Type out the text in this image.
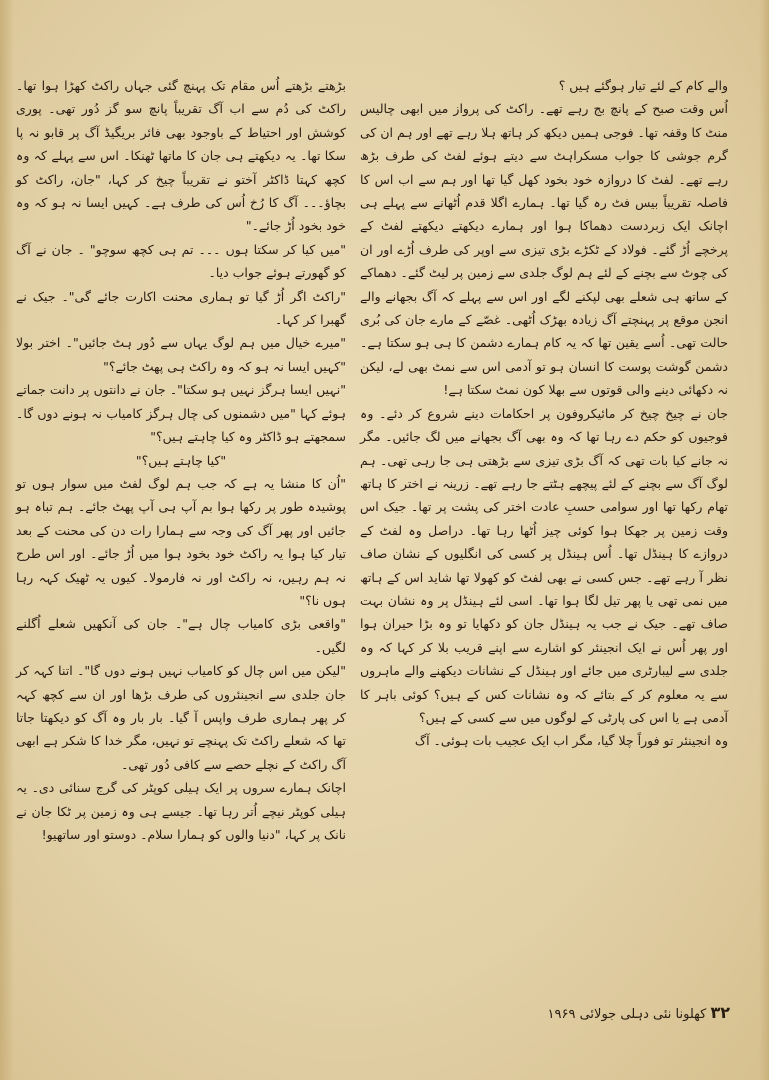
والے کام کے لئے تیار ہوگئے ہیں ؟

اُس وقت صبح کے پانچ بج رہے تھے۔ راکٹ کی پرواز میں ابھی چالیس منٹ کا وقفہ تھا۔ فوجی ہمیں دیکھ کر ہاتھ ہلا رہے تھے اور ہم ان کی گرم جوشی کا جواب مسکراہٹ سے دیتے ہوئے لفٹ کی طرف بڑھ رہے تھے۔ لفٹ کا دروازہ خود بخود کھل گیا تھا اور ہم سے اب اس کا فاصلہ تقریباً بیس فٹ رہ گیا تھا۔ ہمارے اگلا قدم اُٹھانے سے پہلے ہی اچانک ایک زبردست دھماکا ہوا اور ہمارے دیکھتے دیکھتے لفٹ کے پرخچے اُڑ گئے۔ فولاد کے ٹکڑے بڑی تیزی سے اوپر کی طرف اُڑے اور ان کی چوٹ سے بچنے کے لئے ہم لوگ جلدی سے زمین پر لیٹ گئے۔ دھماکے کے ساتھ ہی شعلے بھی لپکنے لگے اور اس سے پہلے کہ آگ بجھانے والے انجن موقع پر پہنچتے آگ زیادہ بھڑک اُٹھی۔ غصّے کے مارے جان کی بُری حالت تھی۔ اُسے یقین تھا کہ یہ کام ہمارے دشمن کا ہی ہو سکتا ہے۔ دشمن گوشت پوست کا انسان ہو تو آدمی اس سے نمٹ بھی لے، لیکن نہ دکھائی دینے والی قوتوں سے بھلا کون نمٹ سکتا ہے!

جان نے چیخ چیخ کر مائیکروفون پر احکامات دینے شروع کر دئے۔ وہ فوجیوں کو حکم دے رہا تھا کہ وہ بھی آگ بجھانے میں لگ جائیں۔ مگر نہ جانے کیا بات تھی کہ آگ بڑی تیزی سے بڑھتی ہی جا رہی تھی۔ ہم لوگ آگ سے بچنے کے لئے پیچھے ہٹتے جا رہے تھے۔ زرینہ نے اختر کا ہاتھ تھام رکھا تھا اور سوامی حسبِ عادت اختر کی پشت پر تھا۔ جیک اس وقت زمین پر جھکا ہوا کوئی چیز اُٹھا رہا تھا۔ دراصل وہ لفٹ کے دروازے کا ہینڈل تھا۔ اُس ہینڈل پر کسی کی انگلیوں کے نشان صاف نظر آ رہے تھے۔ جس کسی نے بھی لفٹ کو کھولا تھا شاید اس کے ہاتھ میں نمی تھی یا پھر تیل لگا ہوا تھا۔ اسی لئے ہینڈل پر وہ نشان بہت صاف تھے۔ جیک نے جب یہ ہینڈل جان کو دکھایا تو وہ بڑا حیران ہوا اور پھر اُس نے ایک انجینئر کو اشارے سے اپنے قریب بلا کر کہا کہ وہ جلدی سے لیبارٹری میں جائے اور ہینڈل کے نشانات دیکھنے والے ماہروں سے یہ معلوم کر کے بتائے کہ وہ نشانات کس کے ہیں؟ کوئی باہر کا آدمی ہے یا اس کی پارٹی کے لوگوں میں سے کسی کے ہیں؟

وہ انجینئر تو فوراً چلا گیا، مگر اب ایک عجیب بات ہوئی۔ آگ

بڑھتے بڑھتے اُس مقام تک پہنچ گئی جہاں راکٹ کھڑا ہوا تھا۔ راکٹ کی دُم سے اب آگ تقریباً پانچ سو گز دُور تھی۔ پوری کوشش اور احتیاط کے باوجود بھی فائر بریگیڈ آگ پر قابو نہ پا سکا تھا۔ یہ دیکھتے ہی جان کا ماتھا ٹھنکا۔ اس سے پہلے کہ وہ کچھ کہتا ڈاکٹر آختو نے تقریباً چیخ کر کہا، "جان، راکٹ کو بچاؤ۔۔۔ آگ کا رُخ اُس کی طرف ہے۔ کہیں ایسا نہ ہو کہ وہ خود بخود اُڑ جائے۔"

"میں کیا کر سکتا ہوں ۔۔۔ تم ہی کچھ سوچو" ۔ جان نے آگ کو گھورتے ہوئے جواب دیا۔

"راکٹ اگر اُڑ گیا تو ہماری محنت اکارت جائے گی"۔ جیک نے گھبرا کر کہا۔

"میرے خیال میں ہم لوگ یہاں سے دُور ہٹ جائیں"۔ اختر بولا "کہیں ایسا نہ ہو کہ وہ راکٹ ہی پھٹ جائے؟"

"نہیں ایسا ہرگز نہیں ہو سکتا"۔ جان نے دانتوں پر دانت جماتے ہوئے کہا "میں دشمنوں کی چال ہرگز کامیاب نہ ہونے دوں گا۔ سمجھتے ہو ڈاکٹر وہ کیا چاہتے ہیں؟"

"کیا چاہتے ہیں؟"

"اُن کا منشا یہ ہے کہ جب ہم لوگ لفٹ میں سوار ہوں تو پوشیدہ طور پر رکھا ہوا بم آپ ہی آپ پھٹ جائے۔ ہم تباہ ہو جائیں اور پھر آگ کی وجہ سے ہمارا رات دن کی محنت کے بعد تیار کیا ہوا یہ راکٹ خود بخود ہوا میں اُڑ جائے۔ اور اس طرح نہ ہم رہیں، نہ راکٹ اور نہ فارمولا۔ کیوں یہ ٹھیک کہہ رہا ہوں نا؟"

"واقعی بڑی کامیاب چال ہے"۔ جان کی آنکھیں شعلے اُگلنے لگیں۔

"لیکن میں اس چال کو کامیاب نہیں ہونے دوں گا"۔ اتنا کہہ کر جان جلدی سے انجینئروں کی طرف بڑھا اور ان سے کچھ کہہ کر پھر ہماری طرف واپس آ گیا۔ بار بار وہ آگ کو دیکھتا جاتا تھا کہ شعلے راکٹ تک پہنچے تو نہیں، مگر خدا کا شکر ہے ابھی آگ راکٹ کے نچلے حصے سے کافی دُور تھی۔

اچانک ہمارے سروں پر ایک ہیلی کوپٹر کی گرج سنائی دی۔ یہ ہیلی کوپٹر نیچے اُتر رہا تھا۔ جیسے ہی وہ زمین پر ٹکا جان نے نانک پر کہا، "دنیا والوں کو ہمارا سلام۔ دوستو اور ساتھیو!

۳۲ کھلونا نئی دہلی جولائی ۱۹۶۹
